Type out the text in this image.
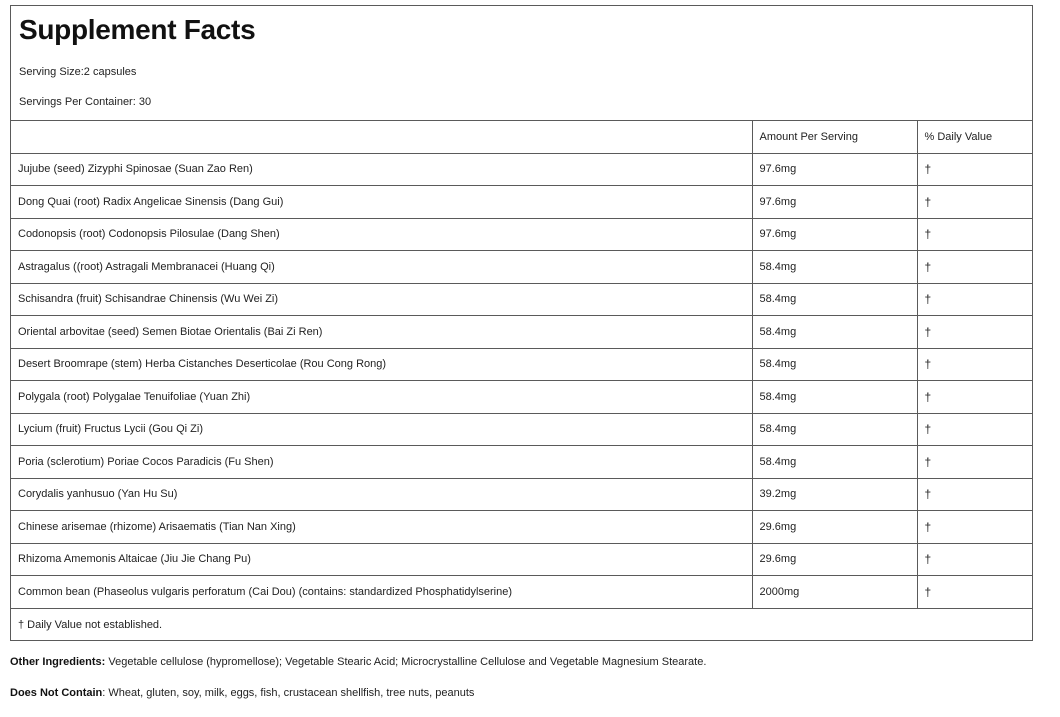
Supplement Facts
Serving Size:2 capsules
Servings Per Container: 30
	Amount Per Serving	% Daily Value
Jujube (seed) Zizyphi Spinosae (Suan Zao Ren)	97.6mg	†
Dong Quai (root) Radix Angelicae Sinensis (Dang Gui)	97.6mg	†
Codonopsis (root) Codonopsis Pilosulae (Dang Shen)	97.6mg	†
Astragalus ((root) Astragali Membranacei (Huang Qi)	58.4mg	†
Schisandra (fruit) Schisandrae Chinensis (Wu Wei Zi)	58.4mg	†
Oriental arbovitae (seed) Semen Biotae Orientalis (Bai Zi Ren)	58.4mg	†
Desert Broomrape (stem) Herba Cistanches Deserticolae (Rou Cong Rong)	58.4mg	†
Polygala (root) Polygalae Tenuifoliae (Yuan Zhi)	58.4mg	†
Lycium (fruit) Fructus Lycii (Gou Qi Zi)	58.4mg	†
Poria (sclerotium) Poriae Cocos Paradicis (Fu Shen)	58.4mg	†
Corydalis yanhusuo (Yan Hu Su)	39.2mg	†
Chinese arisemae (rhizome) Arisaematis (Tian Nan Xing)	29.6mg	†
Rhizoma Amemonis Altaicae (Jiu Jie Chang Pu)	29.6mg	†
Common bean (Phaseolus vulgaris perforatum (Cai Dou) (contains: standardized Phosphatidylserine)	2000mg	†
† Daily Value not established.		
Other Ingredients: Vegetable cellulose (hypromellose); Vegetable Stearic Acid; Microcrystalline Cellulose and Vegetable Magnesium Stearate.
Does Not Contain: Wheat, gluten, soy, milk, eggs, fish, crustacean shellfish, tree nuts, peanuts
